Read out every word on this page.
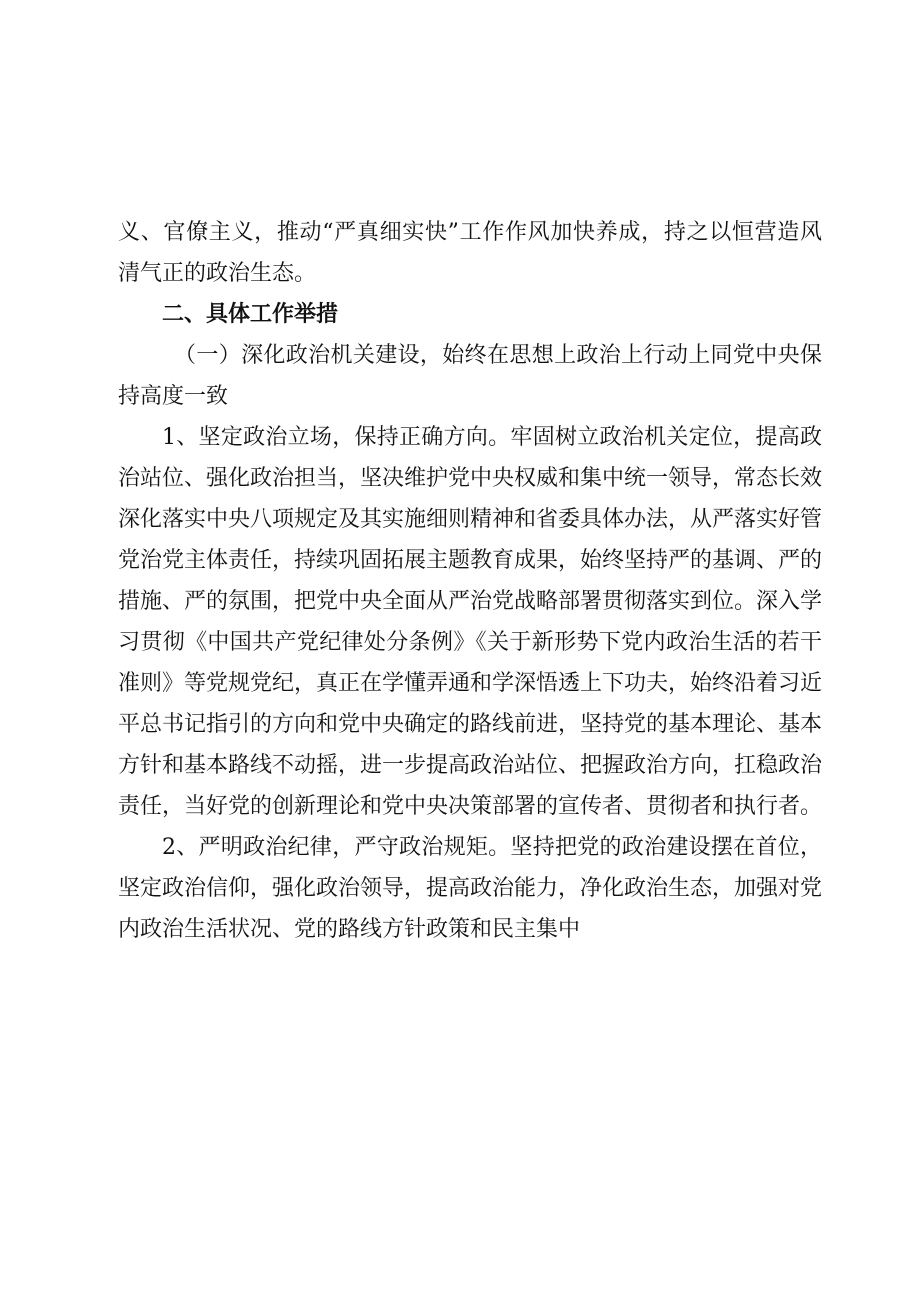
义、官僚主义，推动“严真细实快”工作作风加快养成，持之以恒营造风清气正的政治生态。

二、具体工作举措

（一）深化政治机关建设，始终在思想上政治上行动上同党中央保持高度一致

1、坚定政治立场，保持正确方向。牢固树立政治机关定位，提高政治站位、强化政治担当，坚决维护党中央权威和集中统一领导，常态长效深化落实中央八项规定及其实施细则精神和省委具体办法，从严落实好管党治党主体责任，持续巩固拓展主题教育成果，始终坚持严的基调、严的措施、严的氛围，把党中央全面从严治党战略部署贯彻落实到位。深入学习贯彻《中国共产党纪律处分条例》《关于新形势下党内政治生活的若干准则》等党规党纪，真正在学懂弄通和学深悟透上下功夫，始终沿着习近平总书记指引的方向和党中央确定的路线前进，坚持党的基本理论、基本方针和基本路线不动摇，进一步提高政治站位、把握政治方向，扛稳政治责任，当好党的创新理论和党中央决策部署的宣传者、贯彻者和执行者。

2、严明政治纪律，严守政治规矩。坚持把党的政治建设摆在首位，坚定政治信仰，强化政治领导，提高政治能力，净化政治生态，加强对党内政治生活状况、党的路线方针政策和民主集中
